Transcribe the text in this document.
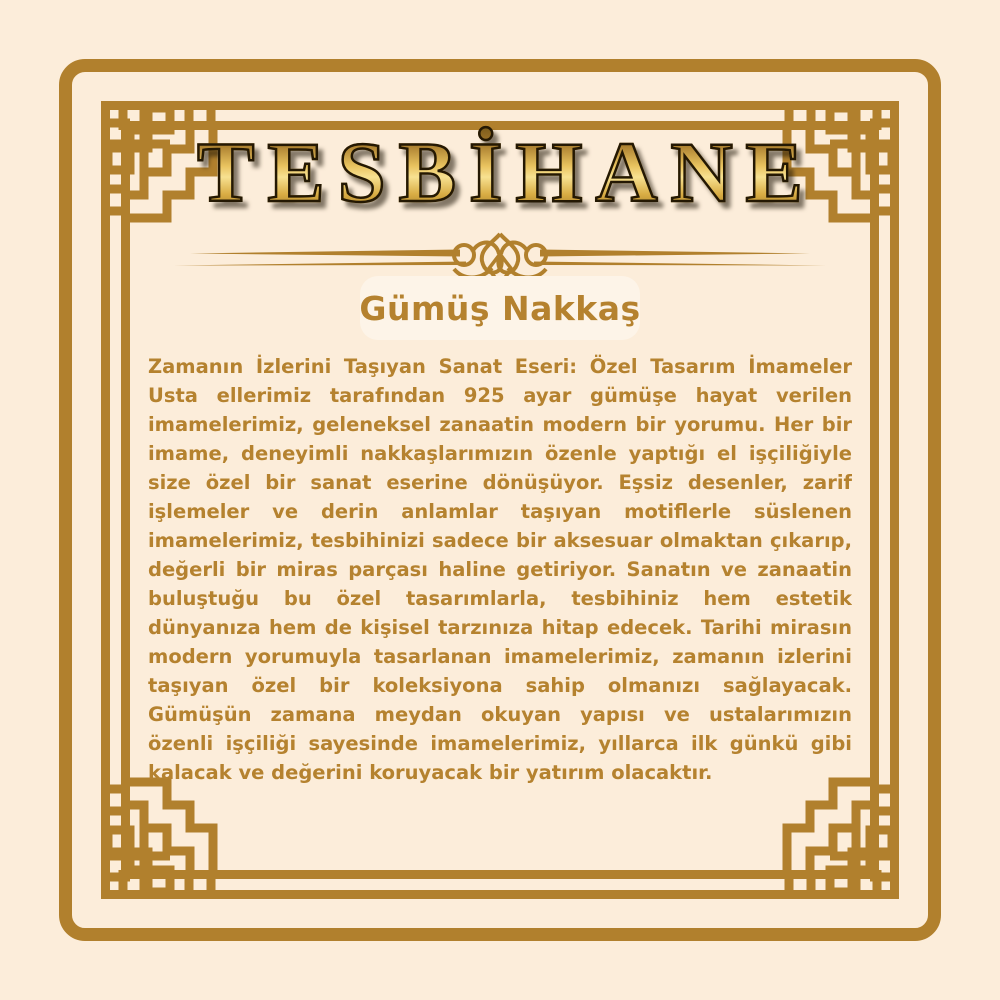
TESBİHANE
Gümüş Nakkaş
Zamanın İzlerini Taşıyan Sanat Eseri: Özel Tasarım İmameler
Usta ellerimiz tarafından 925 ayar gümüşe hayat verilen
imamelerimiz, geleneksel zanaatin modern bir yorumu. Her bir
imame, deneyimli nakkaşlarımızın özenle yaptığı el işçiliğiyle
size özel bir sanat eserine dönüşüyor. Eşsiz desenler, zarif
işlemeler ve derin anlamlar taşıyan motiflerle süslenen
imamelerimiz, tesbihinizi sadece bir aksesuar olmaktan çıkarıp,
değerli bir miras parçası haline getiriyor. Sanatın ve zanaatin
buluştuğu bu özel tasarımlarla, tesbihiniz hem estetik
dünyanıza hem de kişisel tarzınıza hitap edecek. Tarihi mirasın
modern yorumuyla tasarlanan imamelerimiz, zamanın izlerini
taşıyan özel bir koleksiyona sahip olmanızı sağlayacak.
Gümüşün zamana meydan okuyan yapısı ve ustalarımızın
özenli işçiliği sayesinde imamelerimiz, yıllarca ilk günkü gibi
kalacak ve değerini koruyacak bir yatırım olacaktır.
